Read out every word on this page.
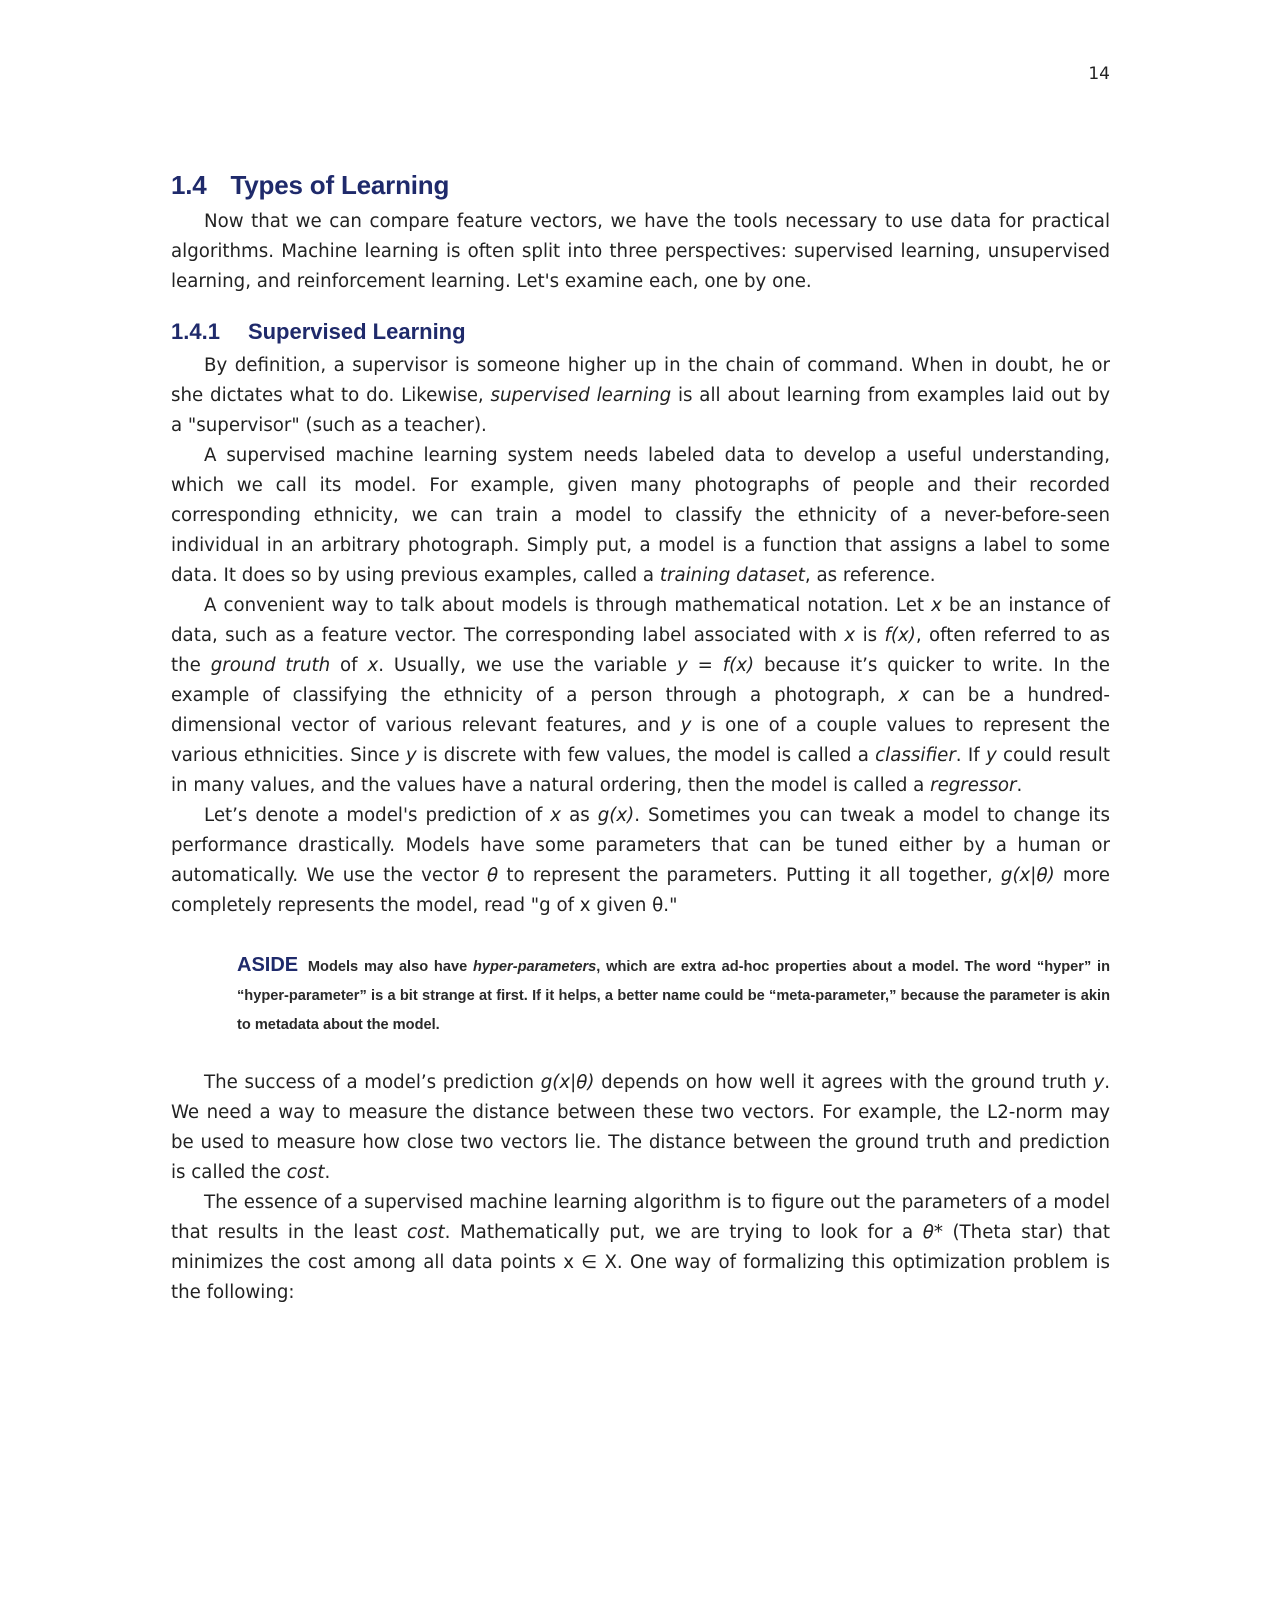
14
1.4 Types of Learning

Now that we can compare feature vectors, we have the tools necessary to use data for practical algorithms. Machine learning is often split into three perspectives: supervised learning, unsupervised learning, and reinforcement learning. Let's examine each, one by one.

1.4.1 Supervised Learning

By definition, a supervisor is someone higher up in the chain of command. When in doubt, he or she dictates what to do. Likewise, supervised learning is all about learning from examples laid out by a "supervisor" (such as a teacher).

A supervised machine learning system needs labeled data to develop a useful understanding, which we call its model. For example, given many photographs of people and their recorded corresponding ethnicity, we can train a model to classify the ethnicity of a never-before-seen individual in an arbitrary photograph. Simply put, a model is a function that assigns a label to some data. It does so by using previous examples, called a training dataset, as reference.

A convenient way to talk about models is through mathematical notation. Let x be an instance of data, such as a feature vector. The corresponding label associated with x is f(x), often referred to as the ground truth of x. Usually, we use the variable y = f(x) because it’s quicker to write. In the example of classifying the ethnicity of a person through a photograph, x can be a hundred-dimensional vector of various relevant features, and y is one of a couple values to represent the various ethnicities. Since y is discrete with few values, the model is called a classifier. If y could result in many values, and the values have a natural ordering, then the model is called a regressor.

Let’s denote a model's prediction of x as g(x). Sometimes you can tweak a model to change its performance drastically. Models have some parameters that can be tuned either by a human or automatically. We use the vector θ to represent the parameters. Putting it all together, g(x|θ) more completely represents the model, read "g of x given θ."

ASIDE Models may also have hyper-parameters, which are extra ad-hoc properties about a model. The word “hyper” in “hyper-parameter” is a bit strange at first. If it helps, a better name could be “meta-parameter,” because the parameter is akin to metadata about the model.

The success of a model’s prediction g(x|θ) depends on how well it agrees with the ground truth y. We need a way to measure the distance between these two vectors. For example, the L2-norm may be used to measure how close two vectors lie. The distance between the ground truth and prediction is called the cost.

The essence of a supervised machine learning algorithm is to figure out the parameters of a model that results in the least cost. Mathematically put, we are trying to look for a θ* (Theta star) that minimizes the cost among all data points x ∈ X. One way of formalizing this optimization problem is the following:
